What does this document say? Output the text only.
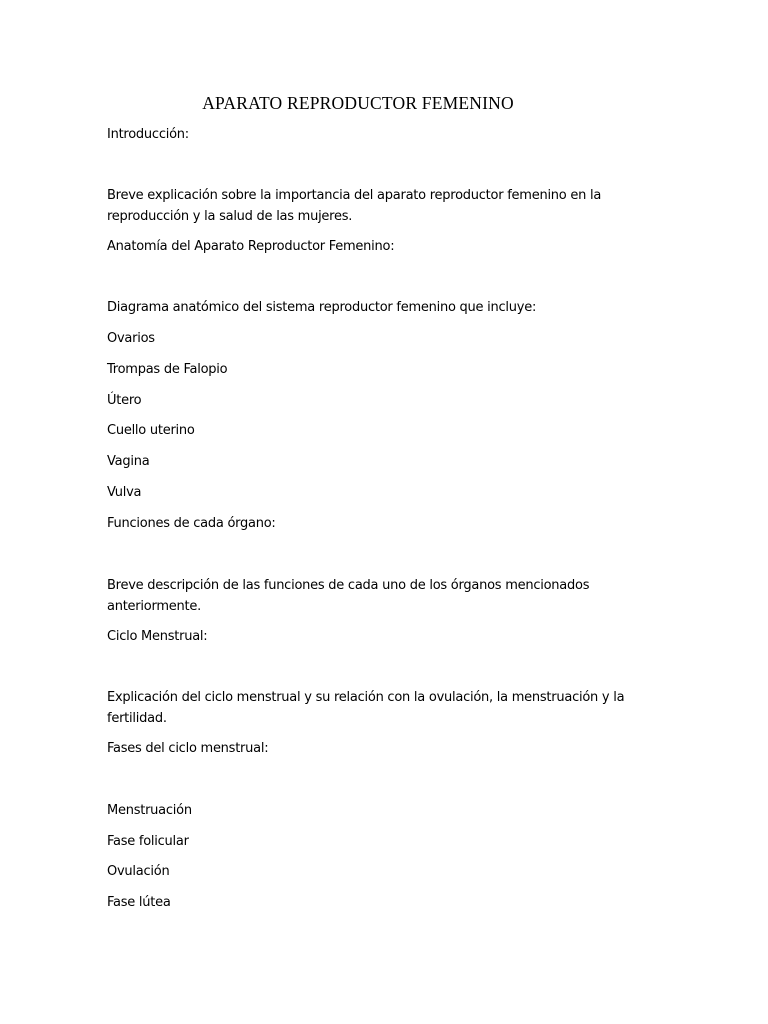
APARATO REPRODUCTOR FEMENINO

Introducción:

Breve explicación sobre la importancia del aparato reproductor femenino en la reproducción y la salud de las mujeres.

Anatomía del Aparato Reproductor Femenino:

Diagrama anatómico del sistema reproductor femenino que incluye:

Ovarios

Trompas de Falopio

Útero

Cuello uterino

Vagina

Vulva

Funciones de cada órgano:

Breve descripción de las funciones de cada uno de los órganos mencionados anteriormente.

Ciclo Menstrual:

Explicación del ciclo menstrual y su relación con la ovulación, la menstruación y la fertilidad.

Fases del ciclo menstrual:

Menstruación

Fase folicular

Ovulación

Fase lútea
